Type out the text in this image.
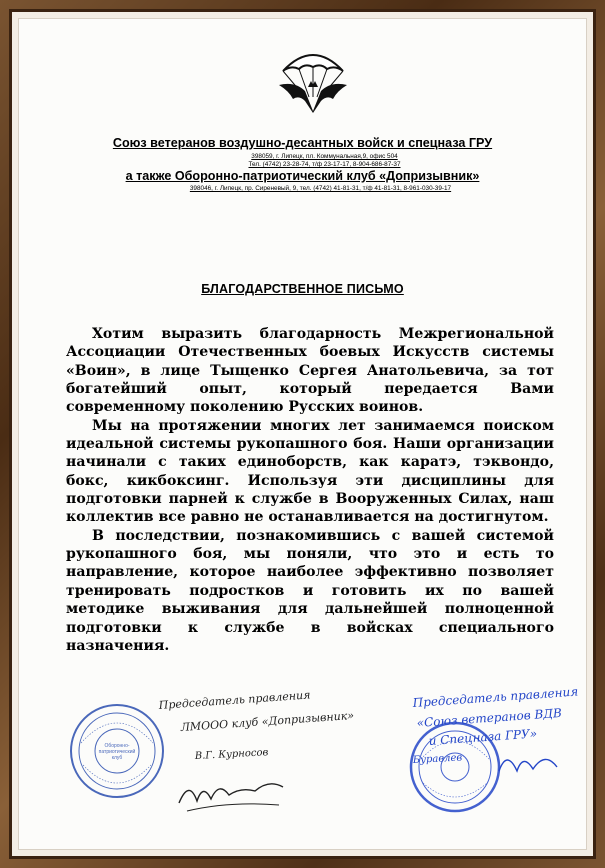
Союз ветеранов воздушно-десантных войск и спецназа ГРУ
398059, г. Липецк, пл. Коммунальная,9, офис 504
Тел. (4742) 23-28-74, т/ф 23-17-17, 8-904-686-87-37
а также Оборонно-патриотический клуб «Допризывник»
398046, г. Липецк, пр. Сиреневый, 9, тел. (4742) 41-81-31, т/ф 41-81-31, 8-961-030-39-17
БЛАГОДАРСТВЕННОЕ ПИСЬМО

Хотим выразить благодарность Межрегиональной Ассоциации Отечественных боевых Искусств системы «Воин», в лице Тыщенко Сергея Анатольевича, за тот богатейший опыт, который передается Вами современному поколению Русских воинов.

Мы на протяжении многих лет занимаемся поиском идеальной системы рукопашного боя. Наши организации начинали с таких единоборств, как каратэ, тэквондо, бокс, кикбоксинг. Используя эти дисциплины для подготовки парней к службе в Вооруженных Силах, наш коллектив все равно не останавливается на достигнутом.

В последствии, познакомившись с вашей системой рукопашного боя, мы поняли, что это и есть то направление, которое наиболее эффективно позволяет тренировать подростков и готовить их по вашей методике выживания для дальнейшей полноценной подготовки к службе в войсках специального назначения.

Оборонно-
патриотический
клуб
Председатель правления
ЛМООО клуб «Допризывник»
В.Г. Курносов
Председатель правления
«Союз ветеранов ВДВ
и Спецназа ГРУ»
Буравлев
